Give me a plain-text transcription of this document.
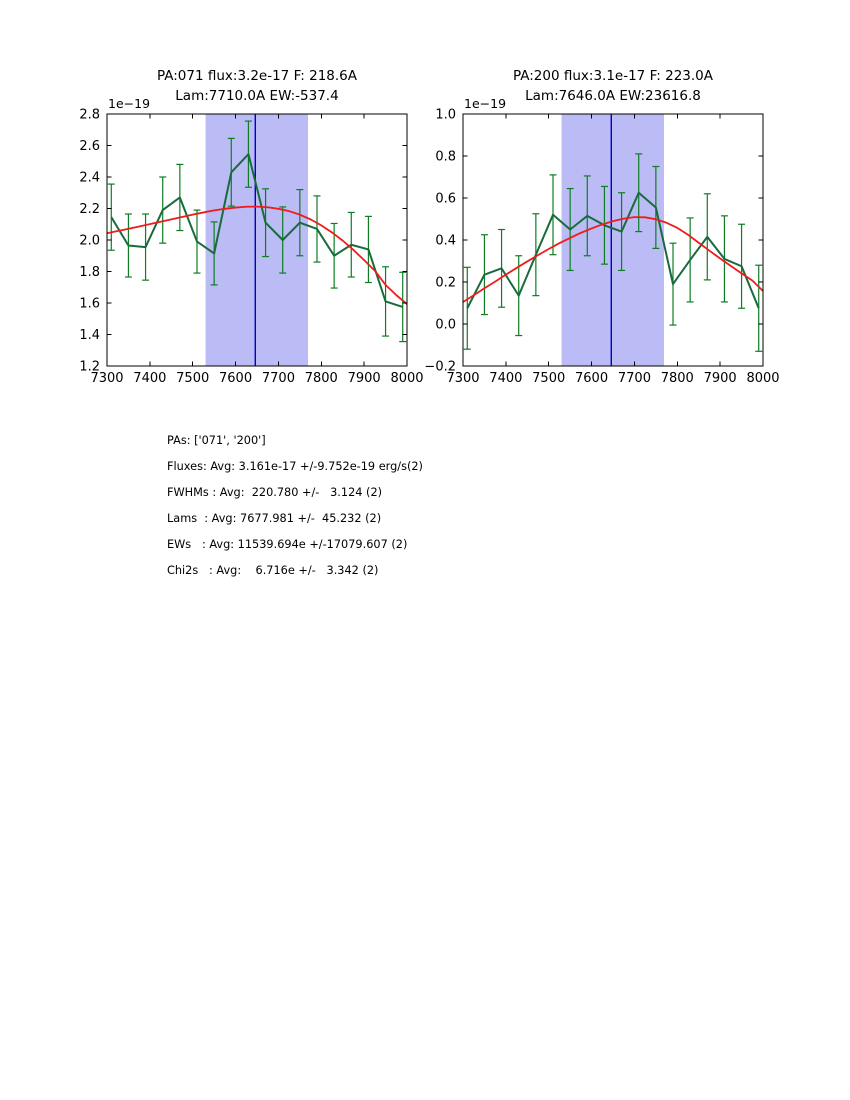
PA:071 flux:3.2e-17 F: 218.6A
Lam:7710.0A EW:-537.4
7300 7400 7500 7600 7700 7800 7900 8000
1.2
1.4
1.6
1.8
2.0
2.2
2.4
2.6
2.8
1e−19
PA:200 flux:3.1e-17 F: 223.0A
Lam:7646.0A EW:23616.8
7300 7400 7500 7600 7700 7800 7900 8000
−0.2
0.0
0.2
0.4
0.6
0.8
1.0
1e−19
PAs: ['071', '200']
Fluxes: Avg: 3.161e-17 +/-9.752e-19 erg/s(2)
FWHMs : Avg:  220.780 +/-   3.124 (2)
Lams  : Avg: 7677.981 +/-  45.232 (2)
EWs   : Avg: 11539.694e +/-17079.607 (2)
Chi2s   : Avg:    6.716e +/-   3.342 (2)
